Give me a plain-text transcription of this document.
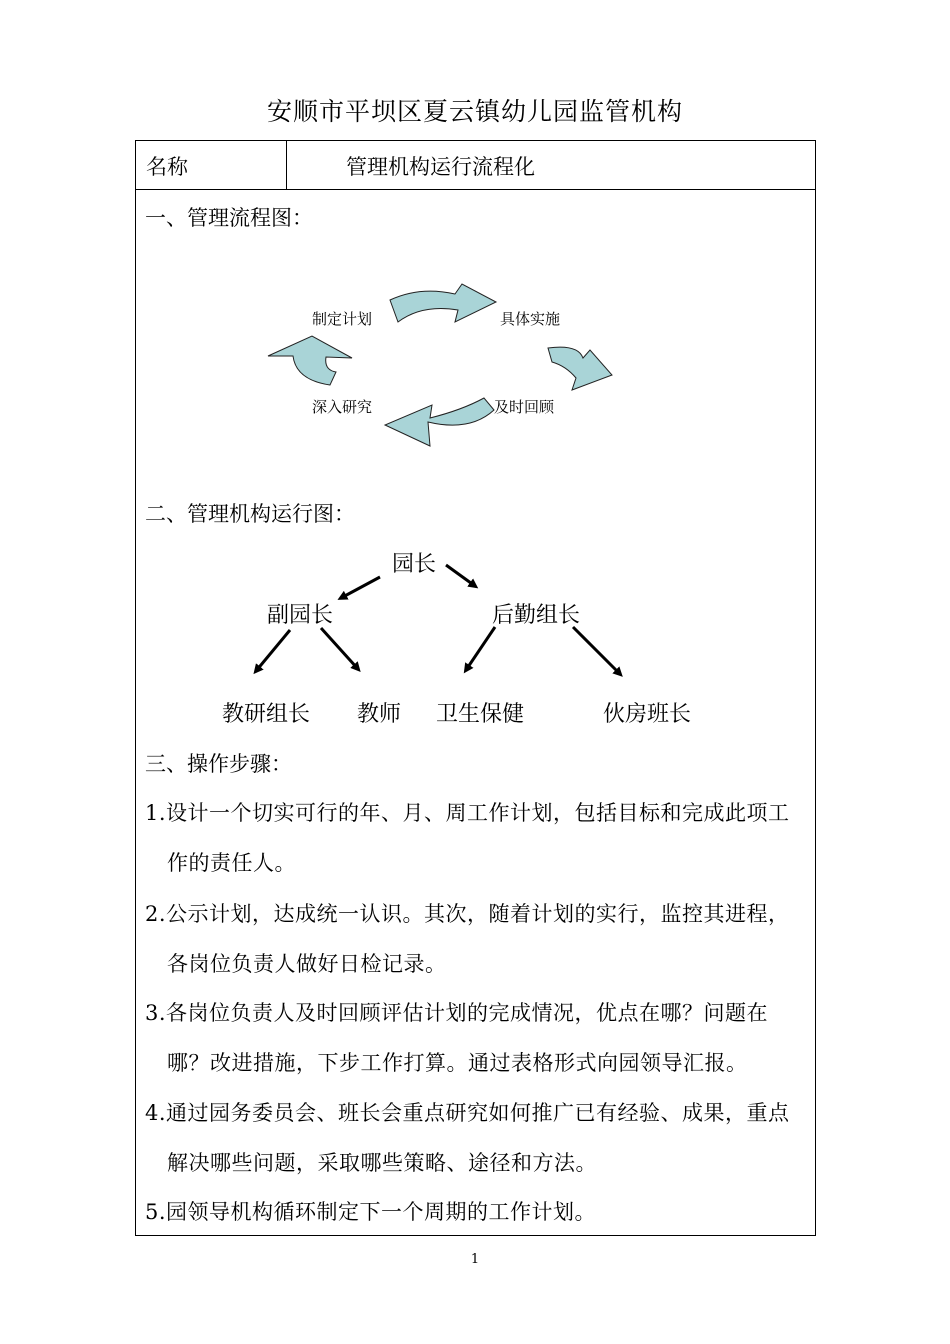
安顺市平坝区夏云镇幼儿园监管机构
名称	管理机构运行流程化
一、管理流程图：
制定计划	具体实施
及时回顾
深入研究
二、管理机构运行图：
园长
副园长	后勤组长
教研组长 教师 卫生保健	伙房班长
三、操作步骤：
1.设计一个切实可行的年、月、周工作计划，包括目标和完成此项工
作的责任人。
2.公示计划，达成统一认识。其次，随着计划的实行，监控其进程，
各岗位负责人做好日检记录。
3.各岗位负责人及时回顾评估计划的完成情况，优点在哪？问题在
哪？改进措施，下步工作打算。通过表格形式向园领导汇报。
4.通过园务委员会、班长会重点研究如何推广已有经验、成果，重点
解决哪些问题，采取哪些策略、途径和方法。
5.园领导机构循环制定下一个周期的工作计划。
1
